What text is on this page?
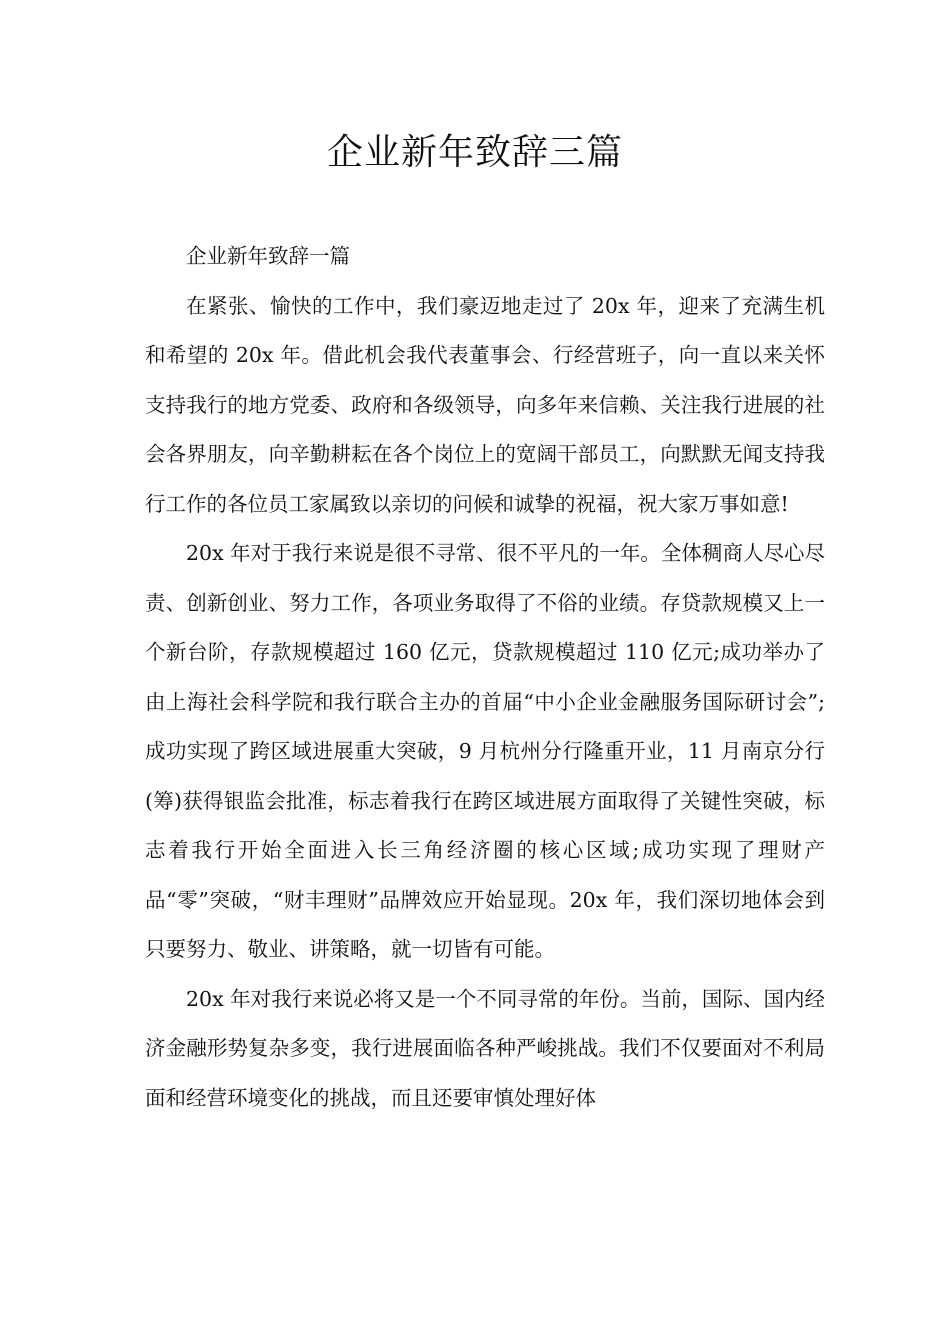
企业新年致辞三篇

企业新年致辞一篇

在紧张、愉快的工作中，我们豪迈地走过了 20x 年，迎来了充满生机和希望的 20x 年。借此机会我代表董事会、行经营班子，向一直以来关怀支持我行的地方党委、政府和各级领导，向多年来信赖、关注我行进展的社会各界朋友，向辛勤耕耘在各个岗位上的宽阔干部员工，向默默无闻支持我行工作的各位员工家属致以亲切的问候和诚挚的祝福，祝大家万事如意!

20x 年对于我行来说是很不寻常、很不平凡的一年。全体稠商人尽心尽责、创新创业、努力工作，各项业务取得了不俗的业绩。存贷款规模又上一个新台阶，存款规模超过 160 亿元，贷款规模超过 110 亿元;成功举办了由上海社会科学院和我行联合主办的首届“中小企业金融服务国际研讨会”;成功实现了跨区域进展重大突破，9 月杭州分行隆重开业，11 月南京分行(筹)获得银监会批准，标志着我行在跨区域进展方面取得了关键性突破，标志着我行开始全面进入长三角经济圈的核心区域;成功实现了理财产品“零”突破，“财丰理财”品牌效应开始显现。20x 年，我们深切地体会到只要努力、敬业、讲策略，就一切皆有可能。

20x 年对我行来说必将又是一个不同寻常的年份。当前，国际、国内经济金融形势复杂多变，我行进展面临各种严峻挑战。我们不仅要面对不利局面和经营环境变化的挑战，而且还要审慎处理好体
